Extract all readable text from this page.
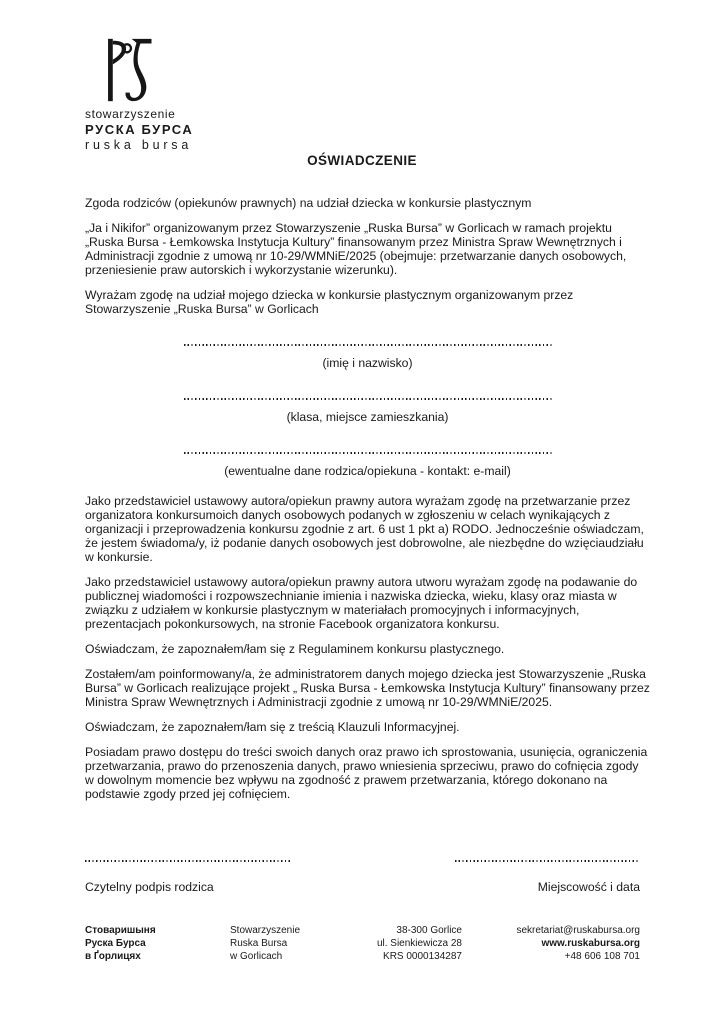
stowarzyszenie
РУСКА БУРСА
ruska bursa
OŚWIADCZENIE

Zgoda rodziców (opiekunów prawnych) na udział dziecka w konkursie plastycznym

„Ja i Nikifor” organizowanym przez Stowarzyszenie „Ruska Bursa” w Gorlicach w ramach projektu „Ruska Bursa - Łemkowska Instytucja Kultury” finansowanym przez Ministra Spraw Wewnętrznych i Administracji zgodnie z umową nr 10-29/WMNiE/2025 (obejmuje: przetwarzanie danych osobowych, przeniesienie praw autorskich i wykorzystanie wizerunku).

Wyrażam zgodę na udział mojego dziecka w konkursie plastycznym organizowanym przez Stowarzyszenie „Ruska Bursa” w Gorlicach

(imię i nazwisko)

(klasa, miejsce zamieszkania)

(ewentualne dane rodzica/opiekuna - kontakt: e-mail)

Jako przedstawiciel ustawowy autora/opiekun prawny autora wyrażam zgodę na przetwarzanie przez organizatora konkursumoich danych osobowych podanych w zgłoszeniu w celach wynikających z organizacji i przeprowadzenia konkursu zgodnie z art. 6 ust 1 pkt a) RODO. Jednocześnie oświadczam, że jestem świadoma/y, iż podanie danych osobowych jest dobrowolne, ale niezbędne do wzięciaudziału w konkursie.

Jako przedstawiciel ustawowy autora/opiekun prawny autora utworu wyrażam zgodę na podawanie do publicznej wiadomości i rozpowszechnianie imienia i nazwiska dziecka, wieku, klasy oraz miasta w związku z udziałem w konkursie plastycznym w materiałach promocyjnych i informacyjnych, prezentacjach pokonkursowych, na stronie Facebook organizatora konkursu.

Oświadczam, że zapoznałem/łam się z Regulaminem konkursu plastycznego.

Zostałem/am poinformowany/a, że administratorem danych mojego dziecka jest Stowarzyszenie „Ruska Bursa” w Gorlicach realizujące projekt „ Ruska Bursa - Łemkowska Instytucja Kultury” finansowany przez Ministra Spraw Wewnętrznych i Administracji zgodnie z umową nr 10-29/WMNiE/2025.

Oświadczam, że zapoznałem/łam się z treścią Klauzuli Informacyjnej.

Posiadam prawo dostępu do treści swoich danych oraz prawo ich sprostowania, usunięcia, ograniczenia przetwarzania, prawo do przenoszenia danych, prawo wniesienia sprzeciwu, prawo do cofnięcia zgody w dowolnym momencie bez wpływu na zgodność z prawem przetwarzania, którego dokonano na podstawie zgody przed jej cofnięciem.

Czytelny podpis rodzica	Miejscowość i data
Стоваришыня
Руска Бурса
в Ґорлицях
Stowarzyszenie
Ruska Bursa
w Gorlicach
38-300 Gorlice
ul. Sienkiewicza 28
KRS 0000134287
sekretariat@ruskabursa.org
www.ruskabursa.org
+48 606 108 701
